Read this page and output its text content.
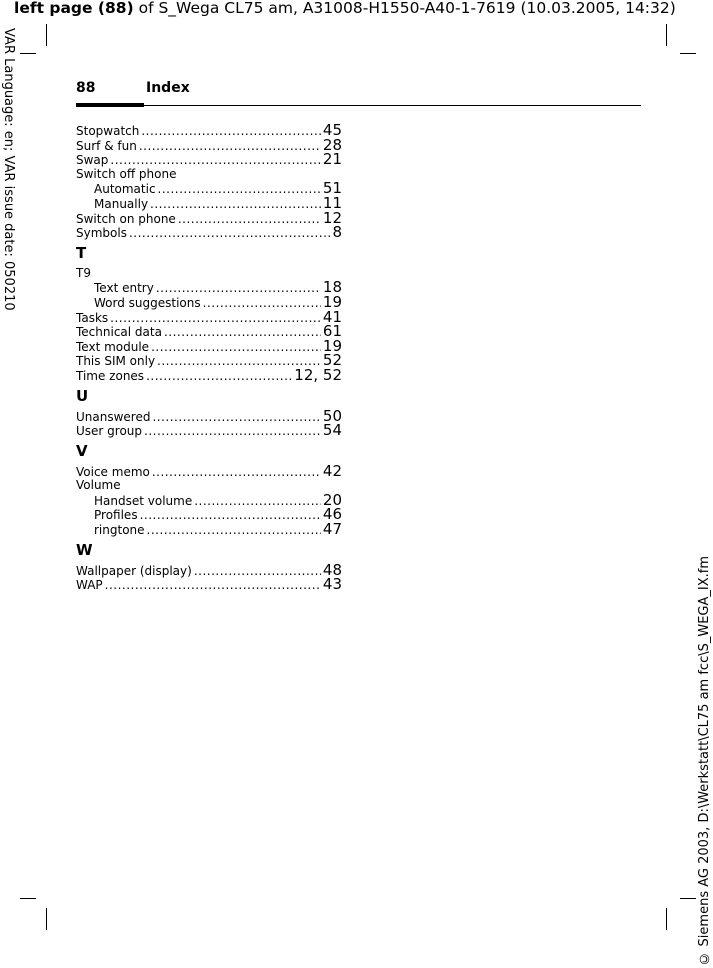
left page (88) of S_Wega CL75 am, A31008-H1550-A40-1-7619 (10.03.2005, 14:32)
VAR Language: en; VAR issue date: 050210
© Siemens AG 2003, D:\Werkstatt\CL75 am fcc\S_WEGA_IX.fm
88	Index
Stopwatch .....	45
Surf & fun .....	28
Swap .....	21
Switch off phone
Automatic .....	51
Manually .....	11
Switch on phone .....	12
Symbols .....	8
T
T9
Text entry .....	18
Word suggestions .....	19
Tasks .....	41
Technical data .....	61
Text module .....	19
This SIM only .....	52
Time zones .....	12, 52
U
Unanswered .....	50
User group .....	54
V
Voice memo .....	42
Volume
Handset volume .....	20
Profiles .....	46
ringtone .....	47
W
Wallpaper (display) .....	48
WAP .....	43
